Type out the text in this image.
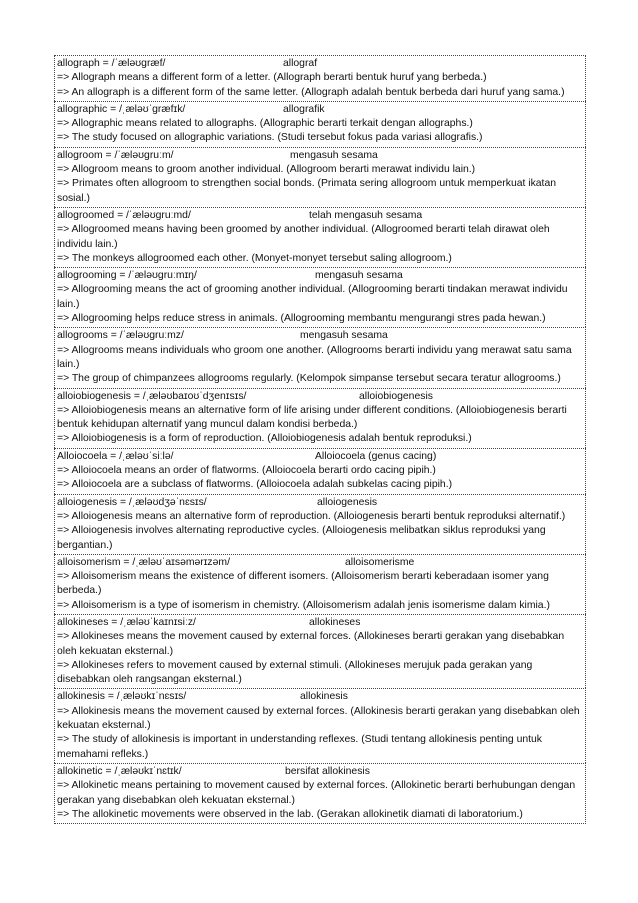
allograph = /ˈæləʊɡræf/	allograf
=> Allograph means a different form of a letter. (Allograph berarti bentuk huruf yang berbeda.)
=> An allograph is a different form of the same letter. (Allograph adalah bentuk berbeda dari huruf yang sama.)
allographic = /ˌæləʊˈɡræfɪk/	allografik
=> Allographic means related to allographs. (Allographic berarti terkait dengan allographs.)
=> The study focused on allographic variations. (Studi tersebut fokus pada variasi allografis.)
allogroom = /ˈæləʊɡruːm/	mengasuh sesama
=> Allogroom means to groom another individual. (Allogroom berarti merawat individu lain.)
=> Primates often allogroom to strengthen social bonds. (Primata sering allogroom untuk memperkuat ikatan sosial.)
allogroomed = /ˈæləʊɡruːmd/	telah mengasuh sesama
=> Allogroomed means having been groomed by another individual. (Allogroomed berarti telah dirawat oleh individu lain.)
=> The monkeys allogroomed each other. (Monyet-monyet tersebut saling allogroom.)
allogrooming = /ˈæləʊɡruːmɪŋ/	mengasuh sesama
=> Allogrooming means the act of grooming another individual. (Allogrooming berarti tindakan merawat individu lain.)
=> Allogrooming helps reduce stress in animals. (Allogrooming membantu mengurangi stres pada hewan.)
allogrooms = /ˈæləʊɡruːmz/	mengasuh sesama
=> Allogrooms means individuals who groom one another. (Allogrooms berarti individu yang merawat satu sama lain.)
=> The group of chimpanzees allogrooms regularly. (Kelompok simpanse tersebut secara teratur allogrooms.)
alloiobiogenesis = /ˌæləʊbaɪoʊˈdʒenɪsɪs/	alloiobiogenesis
=> Alloiobiogenesis means an alternative form of life arising under different conditions. (Alloiobiogenesis berarti bentuk kehidupan alternatif yang muncul dalam kondisi berbeda.)
=> Alloiobiogenesis is a form of reproduction. (Alloiobiogenesis adalah bentuk reproduksi.)
Alloiocoela = /ˌæləʊˈsiːlə/	Alloiocoela (genus cacing)
=> Alloiocoela means an order of flatworms. (Alloiocoela berarti ordo cacing pipih.)
=> Alloiocoela are a subclass of flatworms. (Alloiocoela adalah subkelas cacing pipih.)
alloiogenesis = /ˌæləʊdʒəˈnɛsɪs/	alloiogenesis
=> Alloiogenesis means an alternative form of reproduction. (Alloiogenesis berarti bentuk reproduksi alternatif.)
=> Alloiogenesis involves alternating reproductive cycles. (Alloiogenesis melibatkan siklus reproduksi yang bergantian.)
alloisomerism = /ˌæləʊˈaɪsəmərɪzəm/	alloisomerisme
=> Alloisomerism means the existence of different isomers. (Alloisomerism berarti keberadaan isomer yang berbeda.)
=> Alloisomerism is a type of isomerism in chemistry. (Alloisomerism adalah jenis isomerisme dalam kimia.)
allokineses = /ˌæləʊˈkaɪnɪsiːz/	allokineses
=> Allokineses means the movement caused by external forces. (Allokineses berarti gerakan yang disebabkan oleh kekuatan eksternal.)
=> Allokineses refers to movement caused by external stimuli. (Allokineses merujuk pada gerakan yang disebabkan oleh rangsangan eksternal.)
allokinesis = /ˌæləʊkɪˈnɛsɪs/	allokinesis
=> Allokinesis means the movement caused by external forces. (Allokinesis berarti gerakan yang disebabkan oleh kekuatan eksternal.)
=> The study of allokinesis is important in understanding reflexes. (Studi tentang allokinesis penting untuk memahami refleks.)
allokinetic = /ˌæləʊkɪˈnɛtɪk/	bersifat allokinesis
=> Allokinetic means pertaining to movement caused by external forces. (Allokinetic berarti berhubungan dengan gerakan yang disebabkan oleh kekuatan eksternal.)
=> The allokinetic movements were observed in the lab. (Gerakan allokinetik diamati di laboratorium.)
